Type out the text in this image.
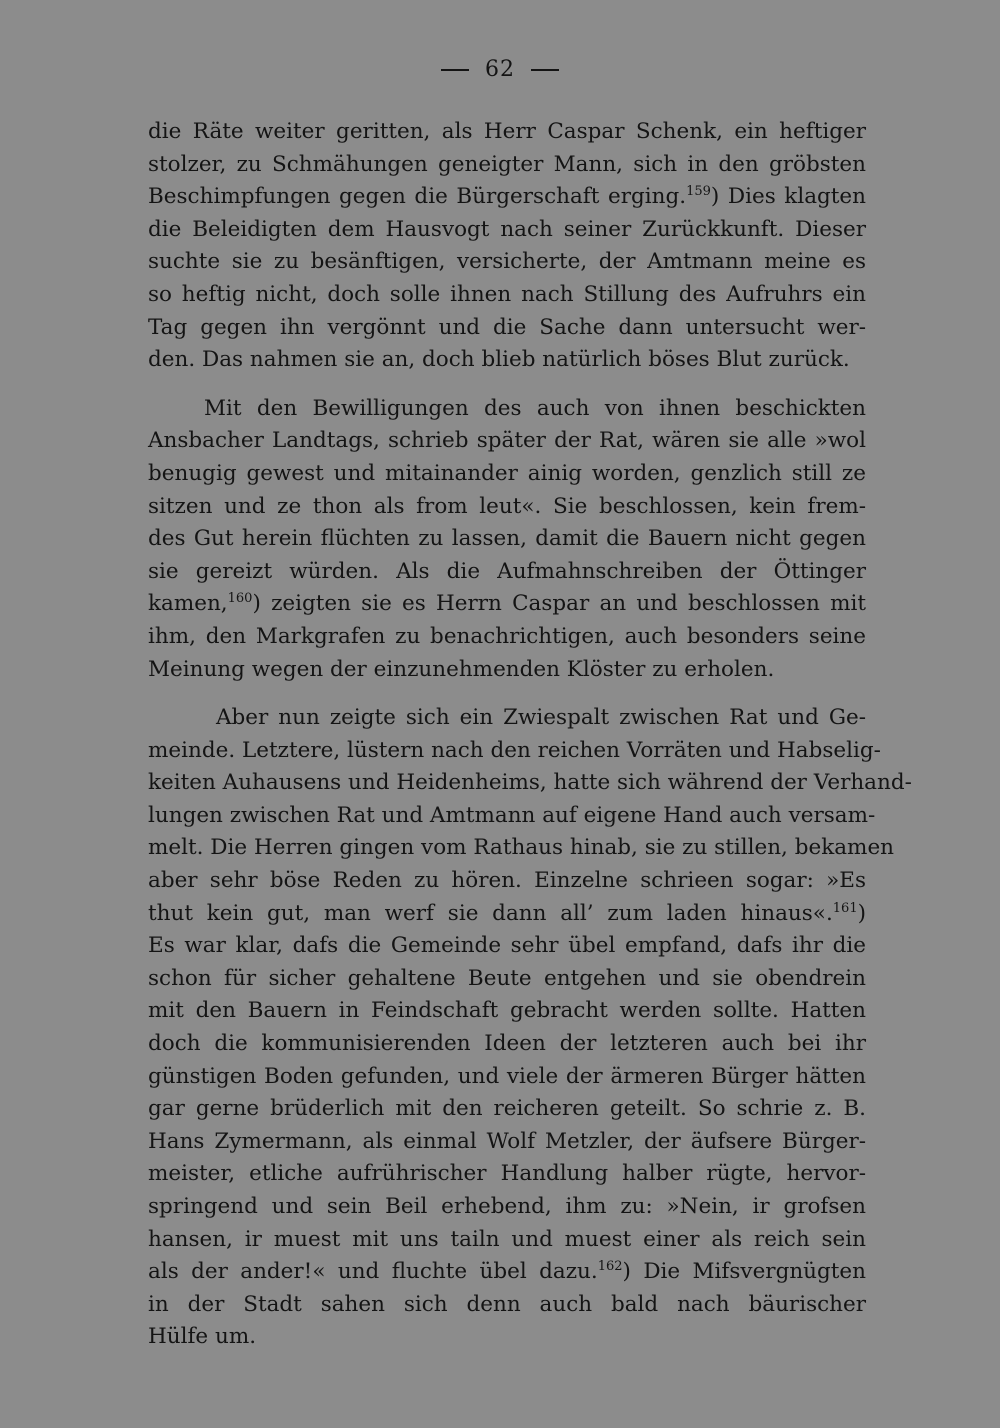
62
die Räte weiter geritten, als Herr Caspar Schenk, ein heftiger
stolzer, zu Schmähungen geneigter Mann, sich in den gröbsten
Beschimpfungen gegen die Bürgerschaft erging.$^{159}$) Dies klagten
die Beleidigten dem Hausvogt nach seiner Zurückkunft. Dieser
suchte sie zu besänftigen, versicherte, der Amtmann meine es
so heftig nicht, doch solle ihnen nach Stillung des Aufruhrs ein
Tag gegen ihn vergönnt und die Sache dann untersucht wer-
den. Das nahmen sie an, doch blieb natürlich böses Blut zurück.
Mit den Bewilligungen des auch von ihnen beschickten
Ansbacher Landtags, schrieb später der Rat, wären sie alle »wol
benugig gewest und mitainander ainig worden, genzlich still ze
sitzen und ze thon als from leut«. Sie beschlossen, kein frem-
des Gut herein flüchten zu lassen, damit die Bauern nicht gegen
sie gereizt würden. Als die Aufmahnschreiben der Öttinger
kamen,$^{160}$) zeigten sie es Herrn Caspar an und beschlossen mit
ihm, den Markgrafen zu benachrichtigen, auch besonders seine
Meinung wegen der einzunehmenden Klöster zu erholen.
Aber nun zeigte sich ein Zwiespalt zwischen Rat und Ge-
meinde. Letztere, lüstern nach den reichen Vorräten und Habselig-
keiten Auhausens und Heidenheims, hatte sich während der Verhand-
lungen zwischen Rat und Amtmann auf eigene Hand auch versam-
melt. Die Herren gingen vom Rathaus hinab, sie zu stillen, bekamen
aber sehr böse Reden zu hören. Einzelne schrieen sogar: »Es
thut kein gut, man werf sie dann all’ zum laden hinaus«.$^{161}$)
Es war klar, dafs die Gemeinde sehr übel empfand, dafs ihr die
schon für sicher gehaltene Beute entgehen und sie obendrein
mit den Bauern in Feindschaft gebracht werden sollte. Hatten
doch die kommunisierenden Ideen der letzteren auch bei ihr
günstigen Boden gefunden, und viele der ärmeren Bürger hätten
gar gerne brüderlich mit den reicheren geteilt. So schrie z. B.
Hans Zymermann, als einmal Wolf Metzler, der äufsere Bürger-
meister, etliche aufrührischer Handlung halber rügte, hervor-
springend und sein Beil erhebend, ihm zu: »Nein, ir grofsen
hansen, ir muest mit uns tailn und muest einer als reich sein
als der ander!« und fluchte übel dazu.$^{162}$) Die Mifsvergnügten
in der Stadt sahen sich denn auch bald nach bäurischer
Hülfe um.
